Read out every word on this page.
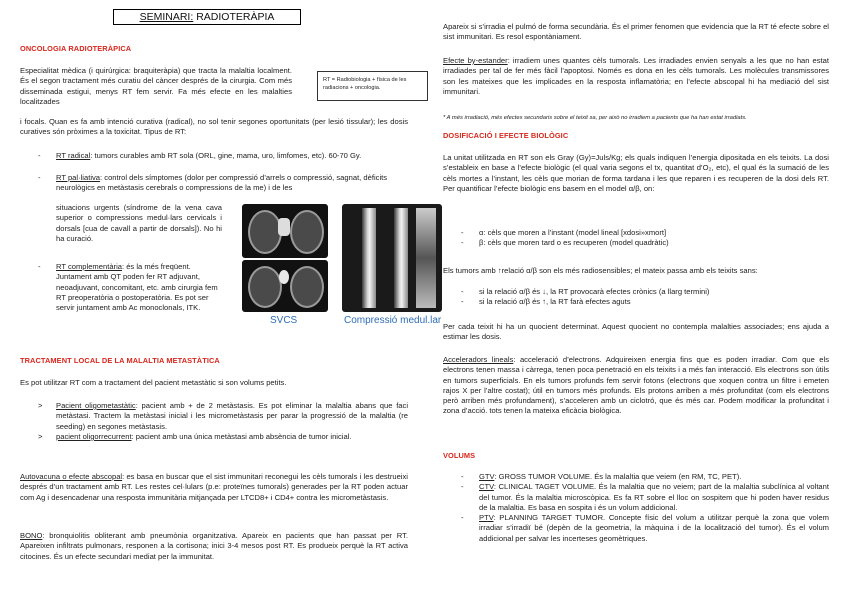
SEMINARI: RADIOTERÀPIA
ONCOLOGIA RADIOTERÀPICA
Especialitat mèdica (i quirúrgica: braquiteràpia) que tracta la malaltia localment. És el segon tractament més curatiu del càncer després de la cirurgia. Com més disseminada estigui, menys RT fem servir. Fa més efecte en les malalties localitzades
i focals. Quan es fa amb intenció curativa (radical), no sol tenir segones oportunitats (per lesió tissular); les dosis curatives són pròximes a la toxicitat. Tipus de RT:
- RT radical: tumors curables amb RT sola (ORL, gine, mama, uro, limfomes, etc). 60-70 Gy.
- RT pal·liativa: control dels símptomes (dolor per compressió d’arrels o compressió, sagnat, dèficits neurològics en metàstasis cerebrals o compressions de la me) i de les
situacions urgents (síndrome de la vena cava superior o compressions medul·lars cervicals i dorsals [cua de cavall a partir de dorsals]). No hi ha curació.
- RT complementària: és la més freqüent. Juntament amb QT poden fer RT adjuvant, neoadjuvant, concomitant, etc. amb cirurgia fem RT preoperatòria o postoperatòria. Es pot ser servir juntament amb Ac monoclonals, ITK.
RT = Radiobiologia + física de les radiacions + oncologia.
SVCS	Compressió medul.lar
TRACTAMENT LOCAL DE LA MALALTIA METASTÀTICA
Es pot utilitzar RT com a tractament del pacient metastàtic si son volums petits.
> Pacient oligometastàtic: pacient amb + de 2 metàstasis. Es pot eliminar la malaltia abans que faci metàstasi. Tractem la metàstasi inicial i les micrometàstasis per parar la progressió de la malaltia (re seeding) en segones metàstasis.
> pacient oligorrecurrent: pacient amb una única metàstasi amb absència de tumor inicial.
Autovacuna o efecte abscopal: es basa en buscar que el sist immunitari reconegui les cèls tumorals i les destrueixi després d’un tractament amb RT. Les restes cel·lulars (p.e: proteïnes tumorals) generades per la RT poden actuar com Ag i desencadenar una resposta immunitària mitjançada per LTCD8+ i CD4+ contra les micrometàstasis.
BONO: bronquiolitis obliterant amb pneumònia organitzativa. Apareix en pacients que han passat per RT. Apareixen infiltrats pulmonars, responen a la cortisona; inici 3-4 mesos post RT. Es produeix perquè la RT activa citocines. És un efecte secundari mediat per la immunitat.
Apareix si s’irradia el pulmó de forma secundària. És el primer fenomen que evidencia que la RT té efecte sobre el sist immunitari. Es resol espontàniament.
Efecte by-estander: irradiem unes quantes cèls tumorals. Les irradiades envien senyals a les que no han estat irradiades per tal de fer més fàcil l’apoptosi. Només es dona en les cèls tumorals. Les molècules transmissores son les mateixes que les implicades en la resposta inflamatòria; en l’efecte abscopal hi ha mediació del sist immunitari.
* A més irradiació, més efectes secundaris sobre el teixit sa, per això no irradiem a pacients que ha han estat irradiats.
DOSIFICACIÓ I EFECTE BIOLÒGIC
La unitat utilitzada en RT son els Gray (Gy)=Juls/Kg; els quals indiquen l’energia dipositada en els teixits. La dosi s’estableix en base a l’efecte biològic (el qual varia segons el tx, quantitat d’O₂, etc), el qual és la sumació de les cèls mortes a l’instant, les cèls que morian de forma tardana i les que reparen i es recuperen de la dosi dels RT. Per quantificar l’efecte biològic ens basem en el model α/β, on:
- α: cèls que moren a l’instant (model lineal [xdosi»xmort]
- β: cèls que moren tard o es recuperen (model quadràtic)
Els tumors amb ↑relació α/β son els més radiosensibles; el mateix passa amb els teixits sans:
- si la relació α/β és ↓, la RT provocarà efectes crònics (a llarg termini)
- si la relació α/β és ↑, la RT farà efectes aguts
Per cada teixit hi ha un quocient determinat. Aquest quocient no contempla malalties associades; ens ajuda a estimar les dosis.
Acceleradors lineals: acceleració d’electrons. Adquireixen energia fins que es poden irradiar. Com que els electrons tenen massa i càrrega, tenen poca penetració en els teixits i a més fan interacció. Els electrons son útils en tumors superficials. En els tumors profunds fem servir fotons (electrons que xoquen contra un filtre i emeten rajos X per l’altre costat); útil en tumors més profunds. Els protons arriben a més profunditat (com els electrons però arriben més profundament), s’acceleren amb un ciclotró, que és més car. Podem modificar la profunditat i zona d’acció. tots tenen la mateixa eficàcia biològica.
VOLUMS
- GTV: GROSS TUMOR VOLUME. És la malaltia que veiem (en RM, TC, PET).
- CTV: CLINICAL TAGET VOLUME. És la malaltia que no veiem; part de la malaltia subclínica al voltant del tumor. És la malaltia microscòpica. Es fa RT sobre el lloc on sospitem que hi poden haver residus de la malaltia. Es basa en sospita i és un volum addicional.
- PTV: PLANNING TARGET TUMOR. Concepte físic del volum a utilitzar perquè la zona que volem irradiar s’irradiï bé (depèn de la geometria, la màquina i de la localització del tumor). És el volum addicional per salvar les incerteses geomètriques.
